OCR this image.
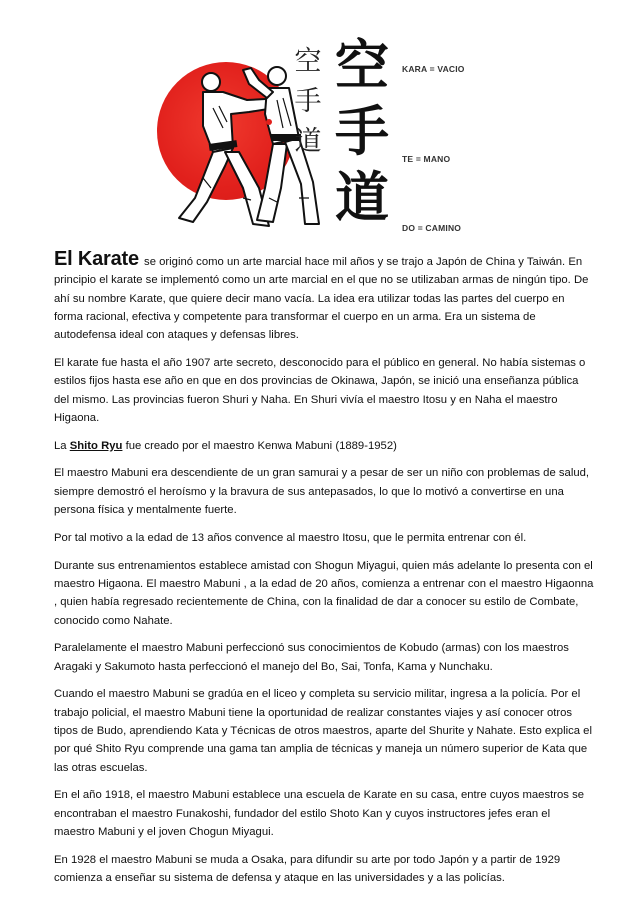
空
手
道
空
手
道
KARA = VACIO
TE = MANO
DO = CAMINO

El Karate se originó como un arte marcial hace mil años y se trajo a Japón de China y Taiwán. En principio el karate se implementó como un arte marcial en el que no se utilizaban armas de ningún tipo. De ahí su nombre Karate, que quiere decir mano vacía. La idea era utilizar todas las partes del cuerpo en forma racional, efectiva y competente para transformar el cuerpo en un arma. Era un sistema de autodefensa ideal con ataques y defensas libres.

El karate fue hasta el año 1907 arte secreto, desconocido para el público en general. No había sistemas o estilos fijos hasta ese año en que en dos provincias de Okinawa, Japón, se inició una enseñanza pública del mismo. Las provincias fueron Shuri y Naha. En Shuri vivía el maestro Itosu y en Naha el maestro Higaona.

La Shito Ryu fue creado por el maestro Kenwa Mabuni (1889-1952)

El maestro Mabuni era descendiente de un gran samurai y a pesar de ser un niño con problemas de salud, siempre demostró el heroísmo y la bravura de sus antepasados, lo que lo motivó a convertirse en una persona física y mentalmente fuerte.

Por tal motivo a la edad de 13 años convence al maestro Itosu, que le permita entrenar con él.

Durante sus entrenamientos establece amistad con Shogun Miyagui, quien más adelante lo presenta con el maestro Higaona. El maestro Mabuni , a la edad de 20 años, comienza a entrenar con el maestro Higaonna , quien había regresado recientemente de China, con la finalidad de dar a conocer su estilo de Combate, conocido como Nahate.

Paralelamente el maestro Mabuni perfeccionó sus conocimientos de Kobudo (armas) con los maestros Aragaki y Sakumoto hasta perfeccionó el manejo del Bo, Sai, Tonfa, Kama y Nunchaku.

Cuando el maestro Mabuni se gradúa en el liceo y completa su servicio militar, ingresa a la policía. Por el trabajo policial, el maestro Mabuni tiene la oportunidad de realizar constantes viajes y así conocer otros tipos de Budo, aprendiendo Kata y Técnicas de otros maestros, aparte del Shurite y Nahate. Esto explica el por qué Shito Ryu comprende una gama tan amplia de técnicas y maneja un número superior de Kata que las otras escuelas.

En el año 1918, el maestro Mabuni establece una escuela de Karate en su casa, entre cuyos maestros se encontraban el maestro Funakoshi, fundador del estilo Shoto Kan y cuyos instructores jefes eran el maestro Mabuni y el joven Chogun Miyagui.

En 1928 el maestro Mabuni se muda a Osaka, para difundir su arte por todo Japón y a partir de 1929 comienza a enseñar su sistema de defensa y ataque en las universidades y a las policías.
